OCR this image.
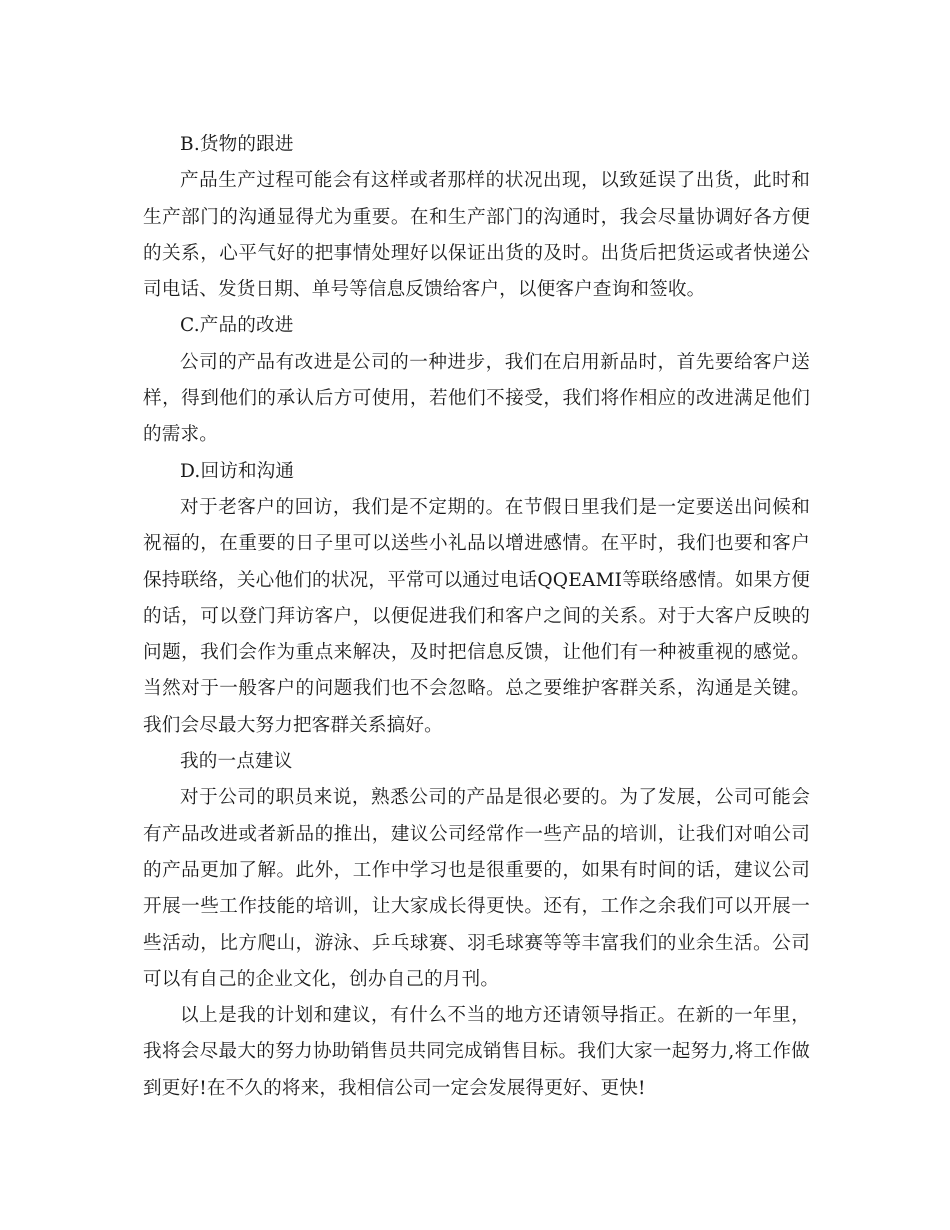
B.货物的跟进

产品生产过程可能会有这样或者那样的状况出现，以致延误了出货，此时和生产部门的沟通显得尤为重要。在和生产部门的沟通时，我会尽量协调好各方便的关系，心平气好的把事情处理好以保证出货的及时。出货后把货运或者快递公司电话、发货日期、单号等信息反馈给客户，以便客户查询和签收。

C.产品的改进

公司的产品有改进是公司的一种进步，我们在启用新品时，首先要给客户送样，得到他们的承认后方可使用，若他们不接受，我们将作相应的改进满足他们的需求。

D.回访和沟通

对于老客户的回访，我们是不定期的。在节假日里我们是一定要送出问候和祝福的，在重要的日子里可以送些小礼品以增进感情。在平时，我们也要和客户保持联络，关心他们的状况，平常可以通过电话QQEAMI等联络感情。如果方便的话，可以登门拜访客户，以便促进我们和客户之间的关系。对于大客户反映的问题，我们会作为重点来解决，及时把信息反馈，让他们有一种被重视的感觉。当然对于一般客户的问题我们也不会忽略。总之要维护客群关系，沟通是关键。我们会尽最大努力把客群关系搞好。

我的一点建议

对于公司的职员来说，熟悉公司的产品是很必要的。为了发展，公司可能会有产品改进或者新品的推出，建议公司经常作一些产品的培训，让我们对咱公司的产品更加了解。此外，工作中学习也是很重要的，如果有时间的话，建议公司开展一些工作技能的培训，让大家成长得更快。还有，工作之余我们可以开展一些活动，比方爬山，游泳、乒乓球赛、羽毛球赛等等丰富我们的业余生活。公司可以有自己的企业文化，创办自己的月刊。

以上是我的计划和建议，有什么不当的地方还请领导指正。在新的一年里，我将会尽最大的努力协助销售员共同完成销售目标。我们大家一起努力,将工作做到更好!在不久的将来，我相信公司一定会发展得更好、更快!
